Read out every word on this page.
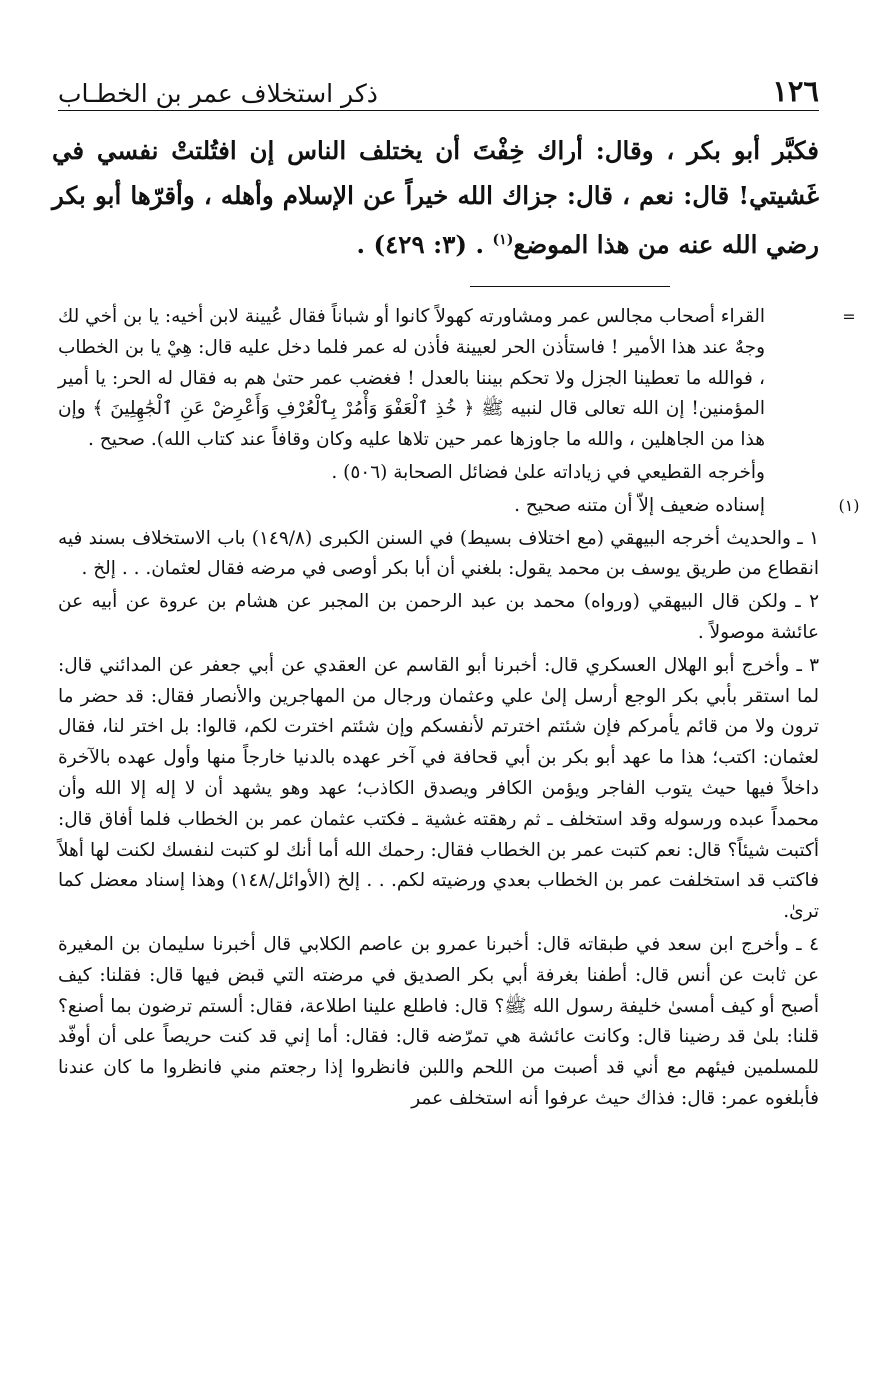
١٢٦
ذكر استخلاف عمر بن الخطـاب

فكبَّر أبو بكر ، وقال: أراك خِفْتَ أن يختلف الناس إن افتُلتتْ نفسي في غَشيتي! قال: نعم ، قال: جزاك الله خيراً عن الإسلام وأهله ، وأقرّها أبو بكر رضي الله عنه من هذا الموضع$^{(١)}$ . (٣: ٤٢٩) .

=
القراء أصحاب مجالس عمر ومشاورته كهولاً كانوا أو شباناً فقال عُيينة لابن أخيه: يا بن أخي لك وجهٌ عند هذا الأمير ! فاستأذن الحر لعيينة فأذن له عمر فلما دخل عليه قال: هِيْ يا بن الخطاب ، فوالله ما تعطينا الجزل ولا تحكم بيننا بالعدل ! فغضب عمر حتىٰ هم به فقال له الحر: يا أمير المؤمنين! إن الله تعالى قال لنبيه ﷺ ﴿ خُذِ ٱلْعَفْوَ وَأْمُرْ بِٱلْعُرْفِ وَأَعْرِضْ عَنِ ٱلْجَٰهِلِينَ ﴾ وإن هذا من الجاهلين ، والله ما جاوزها عمر حين تلاها عليه وكان وقافاً عند كتاب الله). صحيح .

وأخرجه القطيعي في زياداته علىٰ فضائل الصحابة (٥٠٦) .

(١)
إسناده ضعيف إلاّ أن متنه صحيح .

١ ـ والحديث أخرجه البيهقي (مع اختلاف بسيط) في السنن الكبرى (١٤٩/٨) باب الاستخلاف بسند فيه انقطاع من طريق يوسف بن محمد يقول: بلغني أن أبا بكر أوصى في مرضه فقال لعثمان. . . إلخ .

٢ ـ ولكن قال البيهقي (ورواه) محمد بن عبد الرحمن بن المجبر عن هشام بن عروة عن أبيه عن عائشة موصولاً .

٣ ـ وأخرج أبو الهلال العسكري قال: أخبرنا أبو القاسم عن العقدي عن أبي جعفر عن المدائني قال: لما استقر بأبي بكر الوجع أرسل إلىٰ علي وعثمان ورجال من المهاجرين والأنصار فقال: قد حضر ما ترون ولا من قائم يأمركم فإن شئتم اخترتم لأنفسكم وإن شئتم اخترت لكم، قالوا: بل اختر لنا، فقال لعثمان: اكتب؛ هذا ما عهد أبو بكر بن أبي قحافة في آخر عهده بالدنيا خارجاً منها وأول عهده بالآخرة داخلاً فيها حيث يتوب الفاجر ويؤمن الكافر ويصدق الكاذب؛ عهد وهو يشهد أن لا إله إلا الله وأن محمداً عبده ورسوله وقد استخلف ـ ثم رهقته غشية ـ فكتب عثمان عمر بن الخطاب فلما أفاق قال: أكتبت شيئاً؟ قال: نعم كتبت عمر بن الخطاب فقال: رحمك الله أما أنك لو كتبت لنفسك لكنت لها أهلاً فاكتب قد استخلفت عمر بن الخطاب بعدي ورضيته لكم. . . إلخ (الأوائل/١٤٨) وهذا إسناد معضل كما ترىٰ.

٤ ـ وأخرج ابن سعد في طبقاته قال: أخبرنا عمرو بن عاصم الكلابي قال أخبرنا سليمان بن المغيرة عن ثابت عن أنس قال: أطفنا بغرفة أبي بكر الصديق في مرضته التي قبض فيها قال: فقلنا: كيف أصبح أو كيف أمسىٰ خليفة رسول الله ﷺ؟ قال: فاطلع علينا اطلاعة، فقال: ألستم ترضون بما أصنع؟ قلنا: بلىٰ قد رضينا قال: وكانت عائشة هي تمرّضه قال: فقال: أما إني قد كنت حريصاً على أن أوفّد للمسلمين فيئهم مع أني قد أصبت من اللحم واللبن فانظروا إذا رجعتم مني فانظروا ما كان عندنا فأبلغوه عمر: قال: فذاك حيث عرفوا أنه استخلف عمر
